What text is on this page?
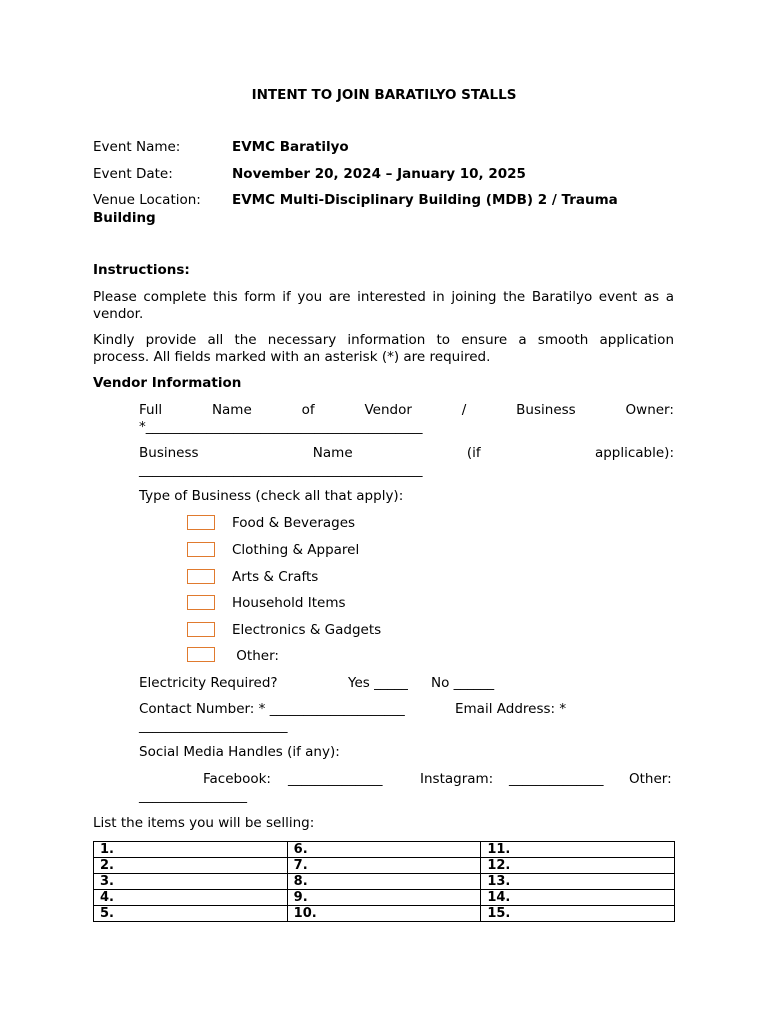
INTENT TO JOIN BARATILYO STALLS
Event Name:	EVMC Baratilyo
Event Date:	November 20, 2024 – January 10, 2025
Venue Location: EVMC Multi-Disciplinary Building (MDB) 2 / Trauma
Building
Instructions:
Please complete this form if you are interested in joining the Baratilyo event as a
vendor.
Kindly provide all the necessary information to ensure a smooth application
process. All fields marked with an asterisk (*) are required.
Vendor Information
Full	Name	of	Vendor	/	Business	Owner:
*_________________________________________
Business	Name	(if	applicable):
__________________________________________
Type of Business (check all that apply):
Food & Beverages
Clothing & Apparel
Arts & Crafts
Household Items
Electronics & Gadgets
Other:
Electricity Required?	Yes _____ No ______
Contact Number: * ____________________	Email Address: *
______________________
Social Media Handles (if any):
Facebook: ______________	Instagram: ______________ Other:
________________
List the items you will be selling:
1.	6.	11.
2.	7.	12.
3.	8.	13.
4.	9.	14.
5.	10.	15.
